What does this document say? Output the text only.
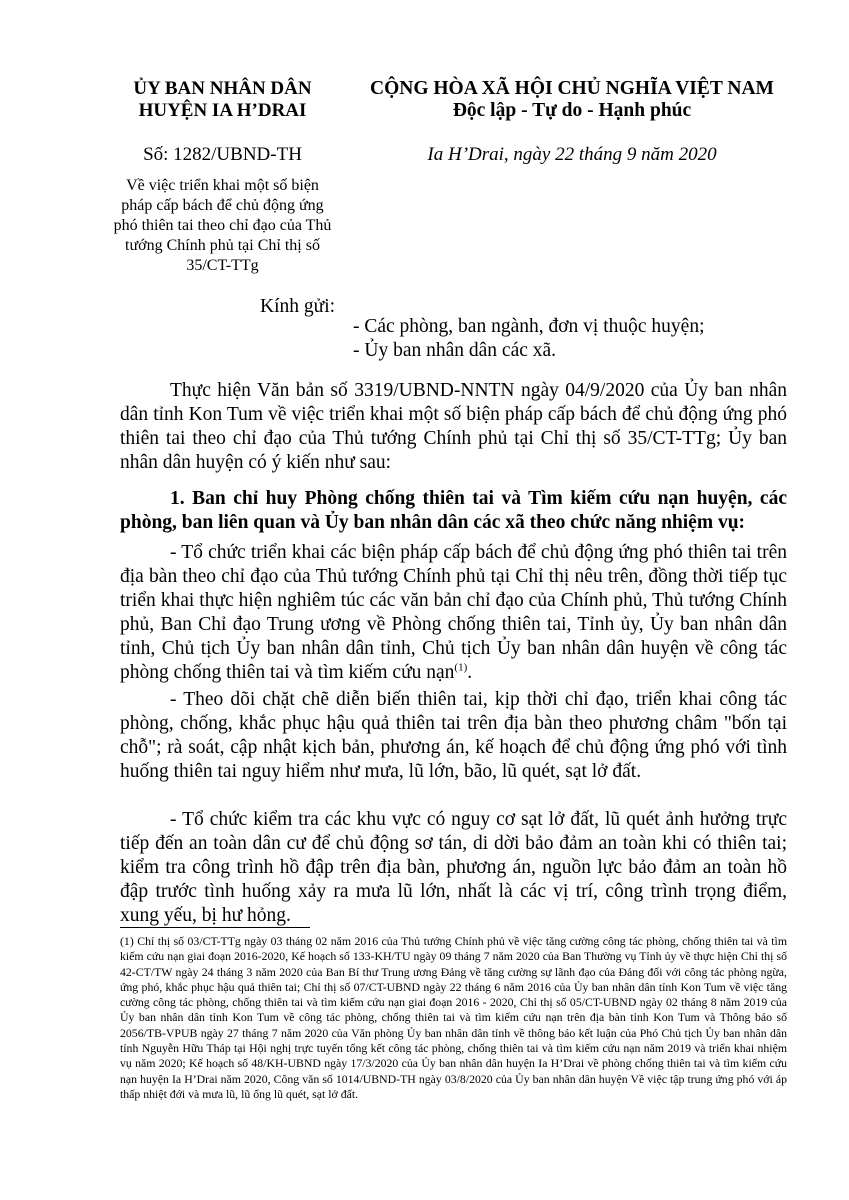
ỦY BAN NHÂN DÂN
HUYỆN IA H’DRAI
CỘNG HÒA XÃ HỘI CHỦ NGHĨA VIỆT NAM
Độc lập - Tự do - Hạnh phúc
Số: 1282/UBND-TH	Ia H’Drai, ngày 22 tháng 9 năm 2020
Về việc triển khai một số biện pháp cấp bách để chủ động ứng phó thiên tai theo chỉ đạo của Thủ tướng Chính phủ tại Chỉ thị số 35/CT-TTg
Kính gửi:
- Các phòng, ban ngành, đơn vị thuộc huyện;
- Ủy ban nhân dân các xã.

Thực hiện Văn bản số 3319/UBND-NNTN ngày 04/9/2020 của Ủy ban nhân dân tỉnh Kon Tum về việc triển khai một số biện pháp cấp bách để chủ động ứng phó thiên tai theo chỉ đạo của Thủ tướng Chính phủ tại Chỉ thị số 35/CT-TTg; Ủy ban nhân dân huyện có ý kiến như sau:

1. Ban chỉ huy Phòng chống thiên tai và Tìm kiếm cứu nạn huyện, các phòng, ban liên quan và Ủy ban nhân dân các xã theo chức năng nhiệm vụ:

- Tổ chức triển khai các biện pháp cấp bách để chủ động ứng phó thiên tai trên địa bàn theo chỉ đạo của Thủ tướng Chính phủ tại Chỉ thị nêu trên, đồng thời tiếp tục triển khai thực hiện nghiêm túc các văn bản chỉ đạo của Chính phủ, Thủ tướng Chính phủ, Ban Chỉ đạo Trung ương về Phòng chống thiên tai, Tỉnh ủy, Ủy ban nhân dân tỉnh, Chủ tịch Ủy ban nhân dân tỉnh, Chủ tịch Ủy ban nhân dân huyện về công tác phòng chống thiên tai và tìm kiếm cứu nạn$^{(1)}$.

- Theo dõi chặt chẽ diễn biến thiên tai, kịp thời chỉ đạo, triển khai công tác phòng, chống, khắc phục hậu quả thiên tai trên địa bàn theo phương châm "bốn tại chỗ"; rà soát, cập nhật kịch bản, phương án, kế hoạch để chủ động ứng phó với tình huống thiên tai nguy hiểm như mưa, lũ lớn, bão, lũ quét, sạt lở đất.

- Tổ chức kiểm tra các khu vực có nguy cơ sạt lở đất, lũ quét ảnh hưởng trực tiếp đến an toàn dân cư để chủ động sơ tán, di dời bảo đảm an toàn khi có thiên tai; kiểm tra công trình hồ đập trên địa bàn, phương án, nguồn lực bảo đảm an toàn hồ đập trước tình huống xảy ra mưa lũ lớn, nhất là các vị trí, công trình trọng điểm, xung yếu, bị hư hỏng.

(1) Chỉ thị số 03/CT-TTg ngày 03 tháng 02 năm 2016 của Thủ tướng Chính phủ về việc tăng cường công tác phòng, chống thiên tai và tìm kiếm cứu nạn giai đoạn 2016-2020, Kế hoạch số 133-KH/TU ngày 09 tháng 7 năm 2020 của Ban Thường vụ Tỉnh ủy về thực hiện Chỉ thị số 42-CT/TW ngày 24 tháng 3 năm 2020 của Ban Bí thư Trung ương Đảng về tăng cường sự lãnh đạo của Đảng đối với công tác phòng ngừa, ứng phó, khắc phục hậu quả thiên tai; Chỉ thị số 07/CT-UBND ngày 22 tháng 6 năm 2016 của Ủy ban nhân dân tỉnh Kon Tum về việc tăng cường công tác phòng, chống thiên tai và tìm kiếm cứu nạn giai đoạn 2016 - 2020, Chỉ thị số 05/CT-UBND ngày 02 tháng 8 năm 2019 của Ủy ban nhân dân tỉnh Kon Tum về công tác phòng, chống thiên tai và tìm kiếm cứu nạn trên địa bàn tỉnh Kon Tum và Thông báo số 2056/TB-VPUB ngày 27 tháng 7 năm 2020 của Văn phòng Ủy ban nhân dân tỉnh về thông báo kết luận của Phó Chủ tịch Ủy ban nhân dân tỉnh Nguyễn Hữu Tháp tại Hội nghị trực tuyến tổng kết công tác phòng, chống thiên tai và tìm kiếm cứu nạn năm 2019 và triển khai nhiệm vụ năm 2020; Kế hoạch số 48/KH-UBND ngày 17/3/2020 của Ủy ban nhân dân huyện Ia H’Drai về phòng chống thiên tai và tìm kiếm cứu nạn huyện Ia H’Drai năm 2020, Công văn số 1014/UBND-TH ngày 03/8/2020 của Ủy ban nhân dân huyện Về việc tập trung ứng phó với áp thấp nhiệt đới và mưa lũ, lũ ống lũ quét, sạt lở đất.
